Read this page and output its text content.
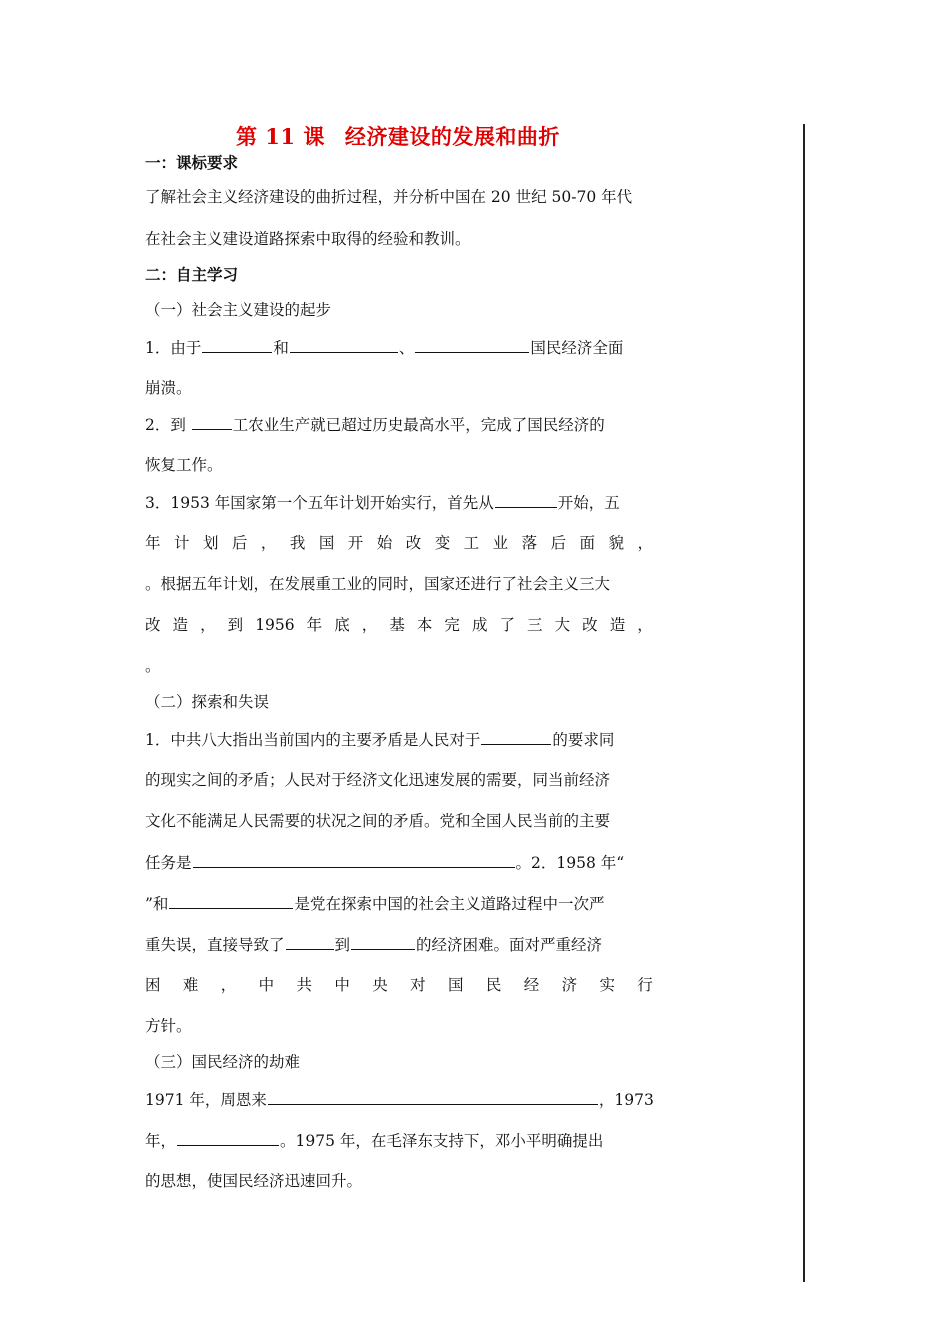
第 11 课 经济建设的发展和曲折
一：课标要求
了解社会主义经济建设的曲折过程，并分析中国在 20 世纪 50-70 年代
在社会主义建设道路探索中取得的经验和教训。
二：自主学习
（一）社会主义建设的起步
1．由于	和	、	国民经济全面
崩溃。
2．到	工农业生产就已超过历史最高水平，完成了国民经济的
恢复工作。
3．1953 年国家第一个五年计划开始实行，首先从	开始，五
年 计 划 后 ， 我 国 开 始 改 变 工 业 落 后 面 貌 ，
。根据五年计划，在发展重工业的同时，国家还进行了社会主义三大
改 造 ， 到 1956 年 底 ， 基 本 完 成 了 三 大 改 造 ，
。
（二）探索和失误
1．中共八大指出当前国内的主要矛盾是人民对于	的要求同
的现实之间的矛盾；人民对于经济文化迅速发展的需要，同当前经济
文化不能满足人民需要的状况之间的矛盾。党和全国人民当前的主要
任务是	。2．1958 年“
”和	是党在探索中国的社会主义道路过程中一次严
重失误，直接导致了	到	的经济困难。面对严重经济
困 难 ， 中 共 中 央 对 国 民 经 济 实 行
方针。
（三）国民经济的劫难
1971 年，周恩来	，1973
年，	。1975 年，在毛泽东支持下，邓小平明确提出
的思想，使国民经济迅速回升。
